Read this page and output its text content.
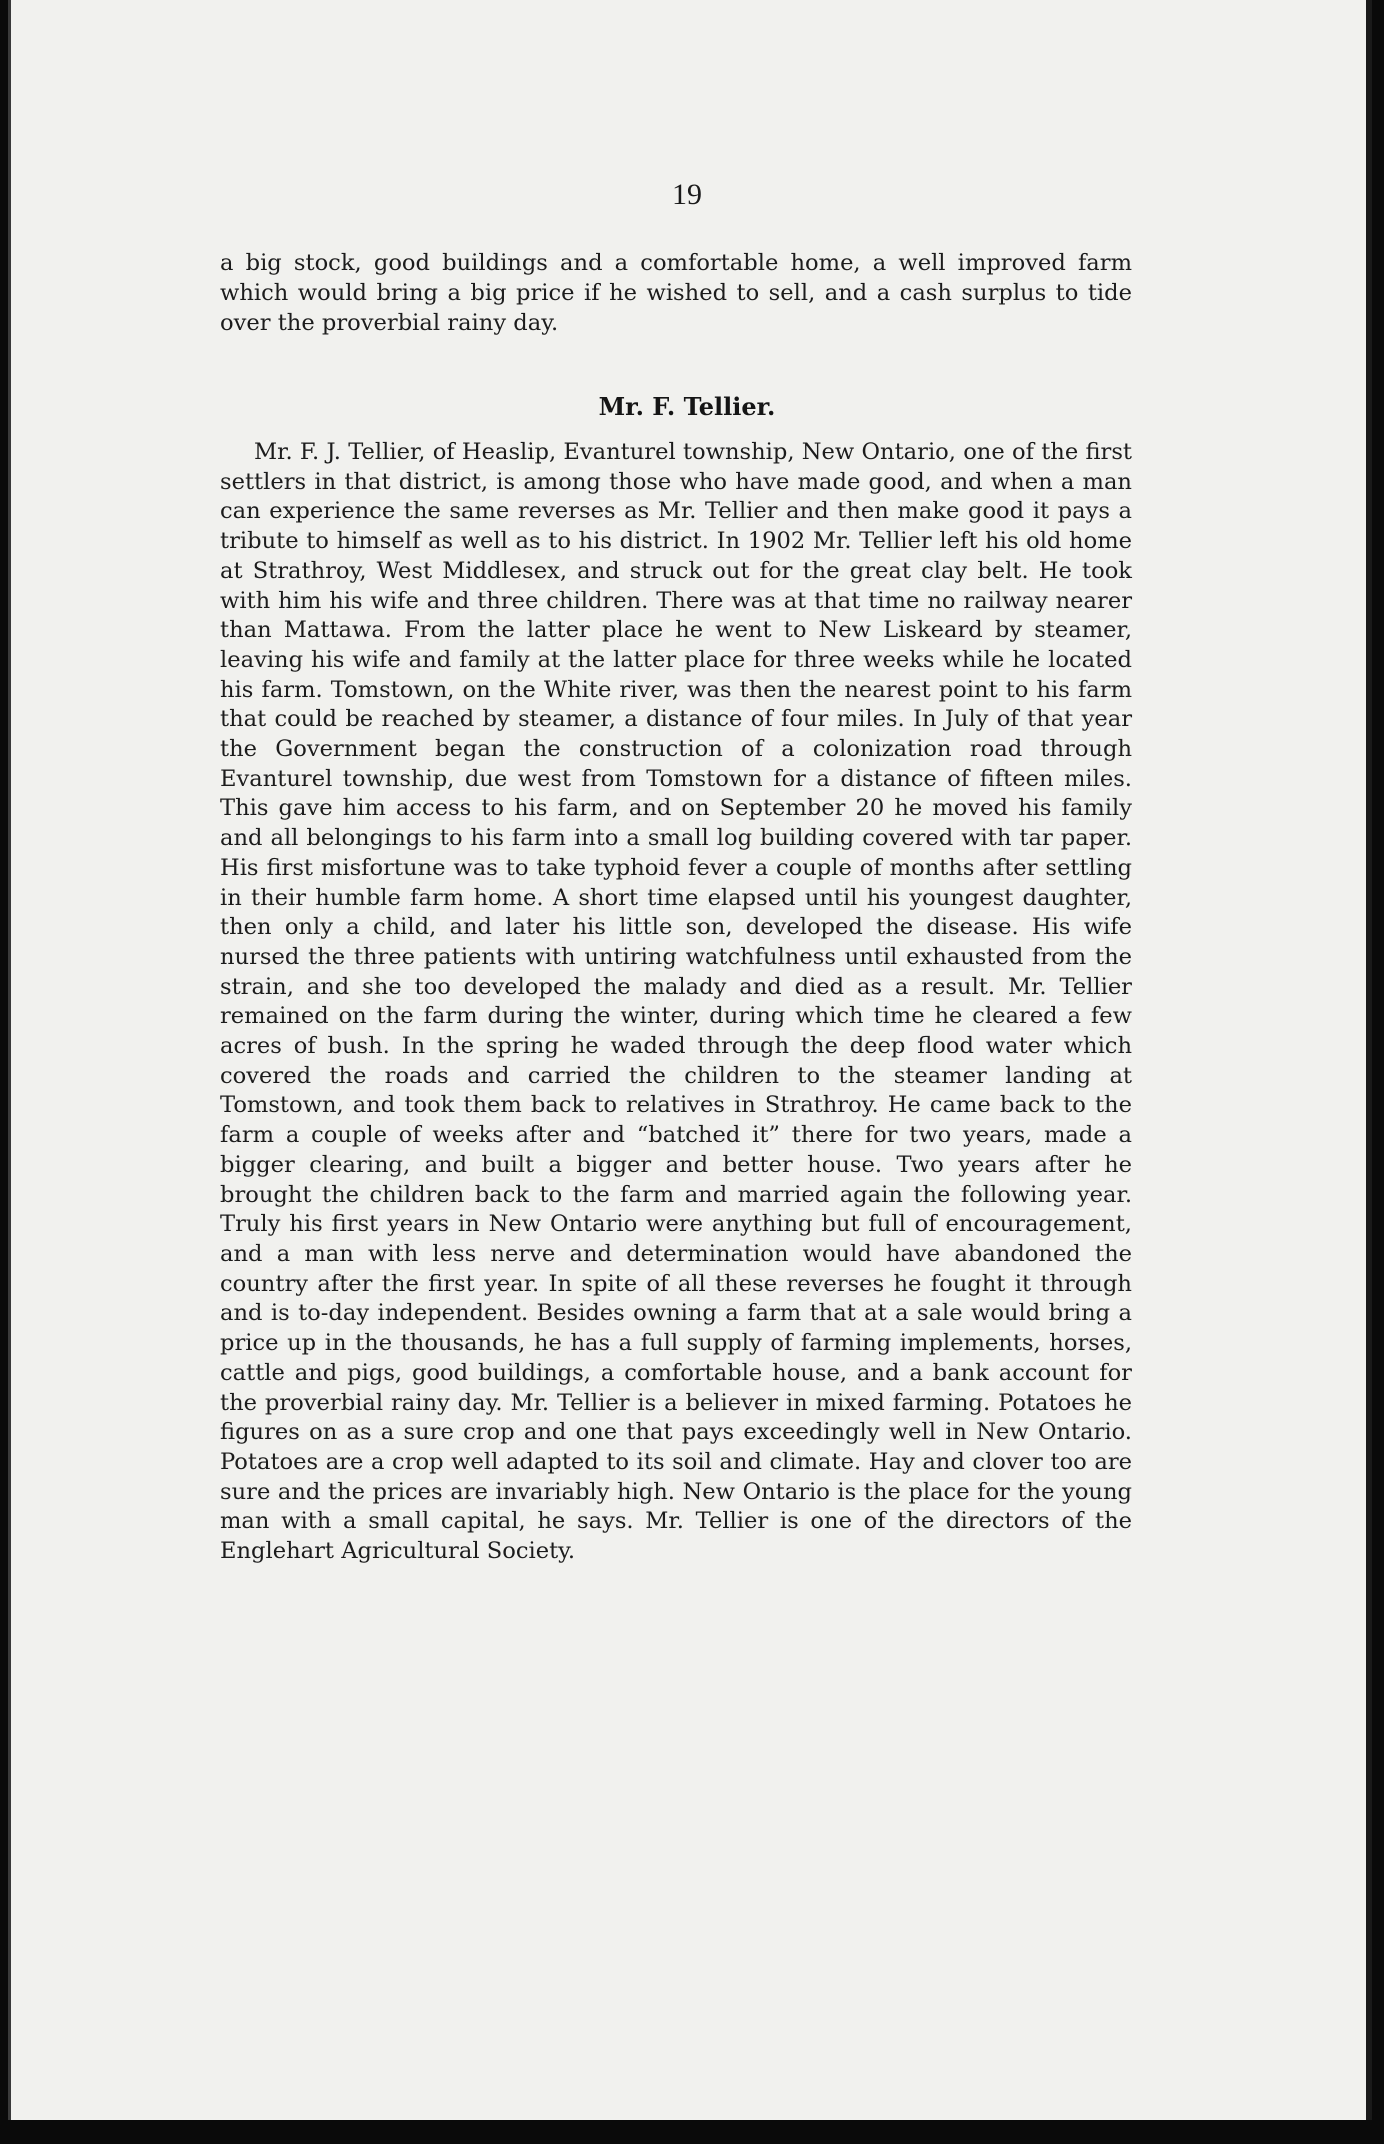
19

a big stock, good buildings and a comfortable home, a well improved farm which would bring a big price if he wished to sell, and a cash surplus to tide over the proverbial rainy day.

Mr. F. Tellier.

Mr. F. J. Tellier, of Heaslip, Evanturel township, New Ontario, one of the first settlers in that district, is among those who have made good, and when a man can experience the same reverses as Mr. Tellier and then make good it pays a tribute to himself as well as to his district. In 1902 Mr. Tellier left his old home at Strathroy, West Middlesex, and struck out for the great clay belt. He took with him his wife and three children. There was at that time no railway nearer than Mattawa. From the latter place he went to New Liskeard by steamer, leaving his wife and family at the latter place for three weeks while he located his farm. Tomstown, on the White river, was then the nearest point to his farm that could be reached by steamer, a distance of four miles. In July of that year the Government began the construction of a colonization road through Evanturel township, due west from Tomstown for a distance of fifteen miles. This gave him access to his farm, and on September 20 he moved his family and all belongings to his farm into a small log building covered with tar paper. His first misfortune was to take typhoid fever a couple of months after settling in their humble farm home. A short time elapsed until his youngest daughter, then only a child, and later his little son, developed the disease. His wife nursed the three patients with untiring watchfulness until exhausted from the strain, and she too developed the malady and died as a result. Mr. Tellier remained on the farm during the winter, during which time he cleared a few acres of bush. In the spring he waded through the deep flood water which covered the roads and carried the children to the steamer landing at Tomstown, and took them back to relatives in Strathroy. He came back to the farm a couple of weeks after and “batched it” there for two years, made a bigger clearing, and built a bigger and better house. Two years after he brought the children back to the farm and married again the following year. Truly his first years in New Ontario were anything but full of encouragement, and a man with less nerve and determination would have abandoned the country after the first year. In spite of all these reverses he fought it through and is to-day independent. Besides owning a farm that at a sale would bring a price up in the thousands, he has a full supply of farming implements, horses, cattle and pigs, good buildings, a comfortable house, and a bank account for the proverbial rainy day. Mr. Tellier is a believer in mixed farming. Potatoes he figures on as a sure crop and one that pays exceedingly well in New Ontario. Potatoes are a crop well adapted to its soil and climate. Hay and clover too are sure and the prices are invariably high. New Ontario is the place for the young man with a small capital, he says. Mr. Tellier is one of the directors of the Englehart Agricultural Society.
